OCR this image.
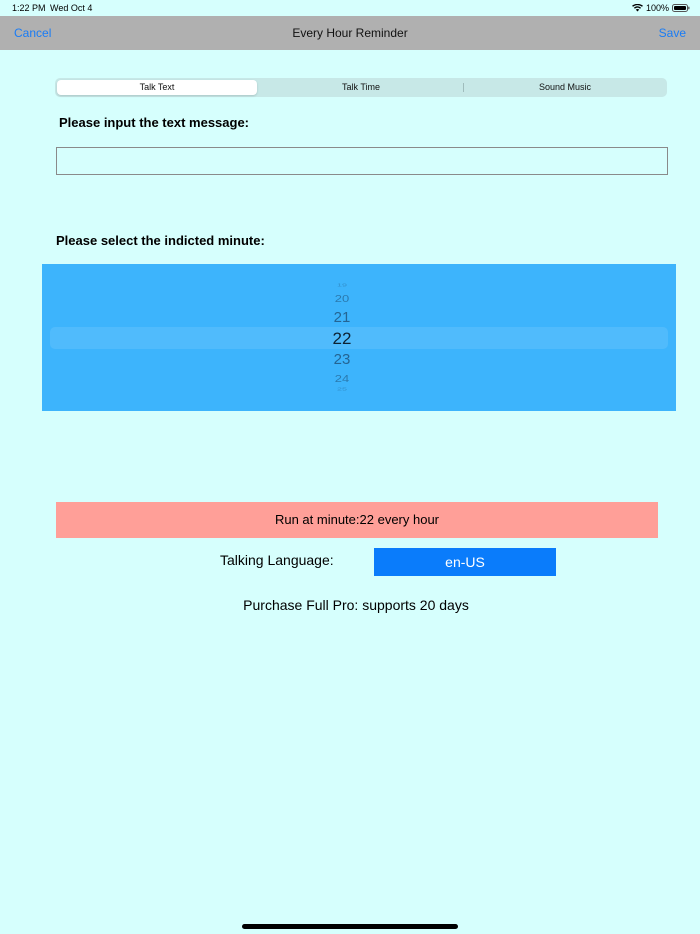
1:22 PM Wed Oct 4	100%
Cancel	Every Hour Reminder	Save
Talk Text	Talk Time	Sound Music
Please input the text message:
Please select the indicted minute:
19
20
21
22
23
24
25
Run at minute:22 every hour
Talking Language:	en-US
Purchase Full Pro: supports 20 days
